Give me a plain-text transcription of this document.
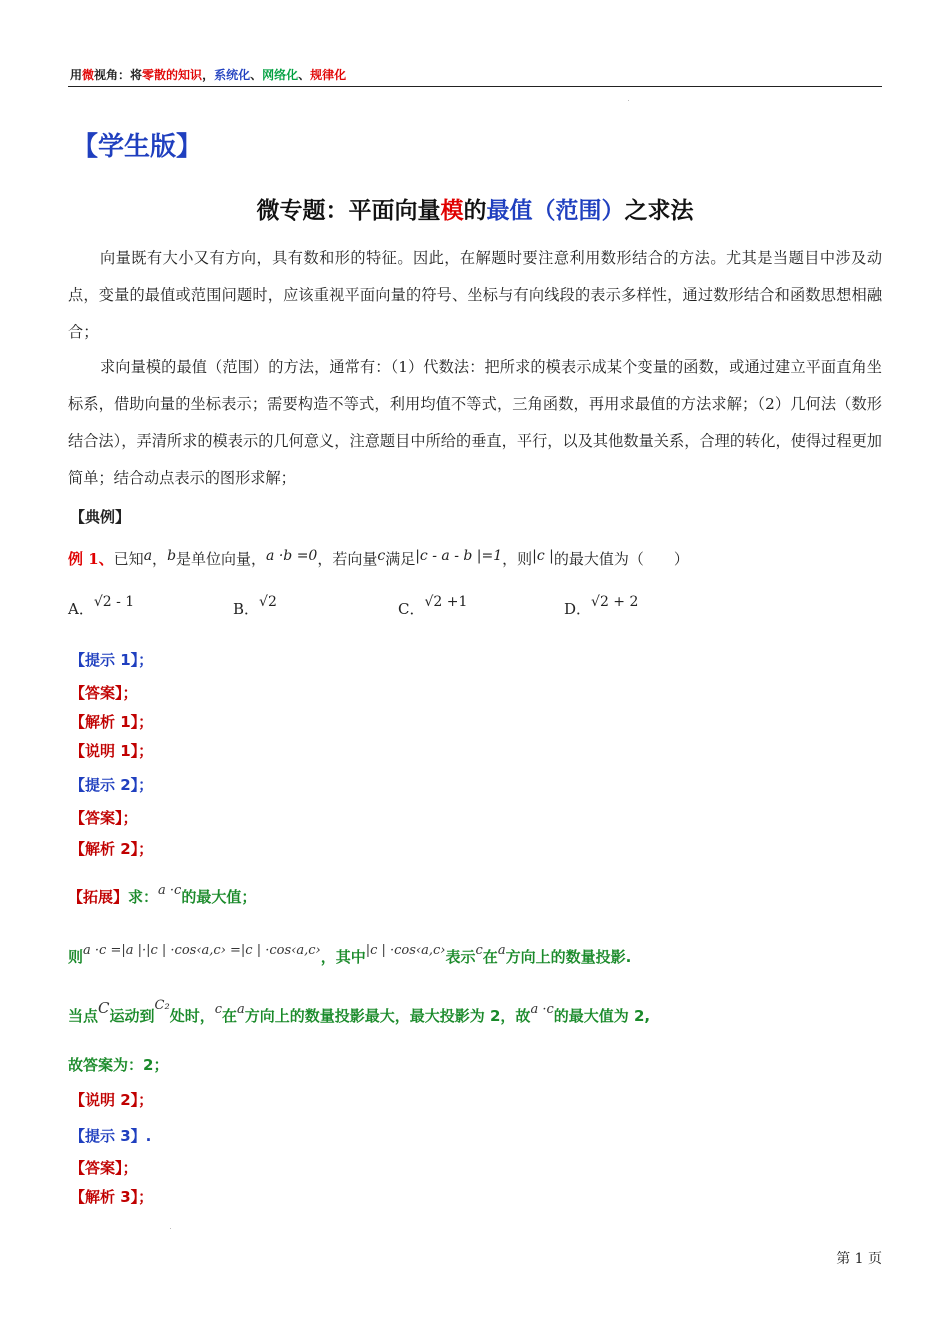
用微视角：将零散的知识，系统化、网络化、规律化
【学生版】
微专题：平面向量模的最值（范围）之求法
向量既有大小又有方向，具有数和形的特征。因此，在解题时要注意利用数形结合的方法。尤其是当题目中涉及动点，变量的最值或范围问题时，应该重视平面向量的符号、坐标与有向线段的表示多样性，通过数形结合和函数思想相融合；
求向量模的最值（范围）的方法，通常有：（1）代数法：把所求的模表示成某个变量的函数，或通过建立平面直角坐标系，借助向量的坐标表示；需要构造不等式，利用均值不等式，三角函数，再用求最值的方法求解；（2）几何法（数形结合法），弄清所求的模表示的几何意义，注意题目中所给的垂直，平行，以及其他数量关系，合理的转化，使得过程更加简单；结合动点表示的图形求解；
【典例】
例 1、已知a，b是单位向量，a ·b =0，若向量c满足|c - a - b |=1，则|c |的最大值为（　　）
A．√2 - 1	B．√2	C．√2 +1	D．√2 + 2
【提示 1】；
【答案】；
【解析 1】；
【说明 1】；
【提示 2】；
【答案】；
【解析 2】；
【拓展】求：a ·c的最大值；
则a ·c =|a |·|c | ·cos‹a,c› =|c | ·cos‹a,c›，其中|c | ·cos‹a,c›表示c在a方向上的数量投影.
当点C运动到C₂处时，c在a方向上的数量投影最大，最大投影为 2，故a ·c的最大值为 2,
故答案为：2；
【说明 2】；
【提示 3】.
【答案】；
【解析 3】；
第 1 页
